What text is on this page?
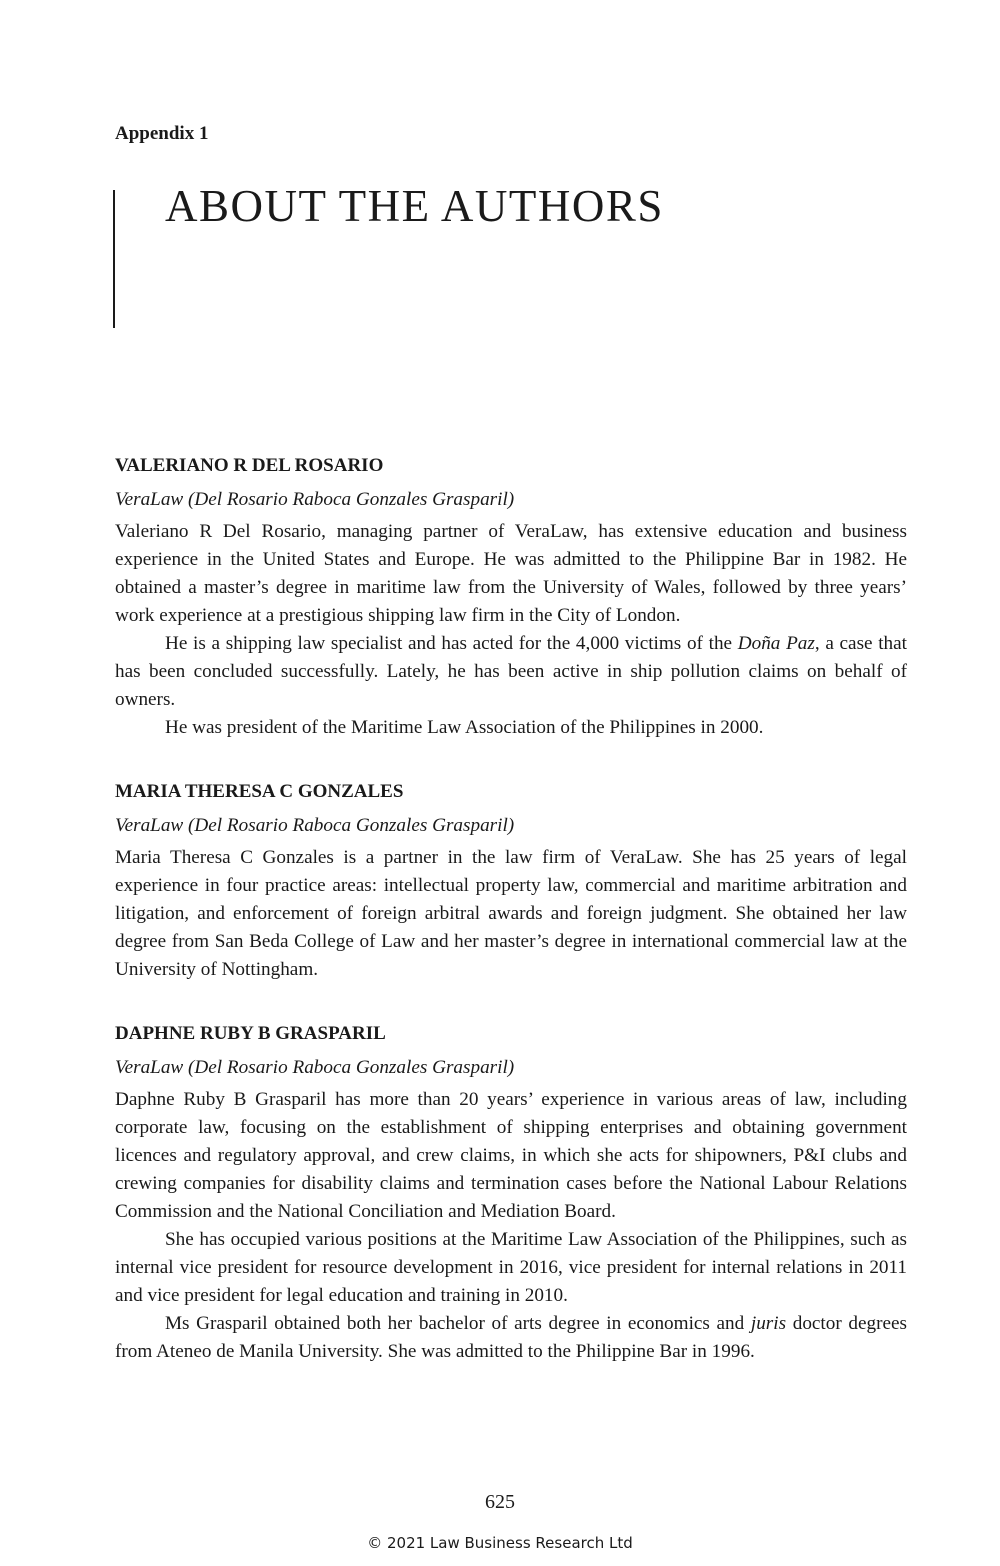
Appendix 1
ABOUT THE AUTHORS
VALERIANO R DEL ROSARIO
VeraLaw (Del Rosario Raboca Gonzales Grasparil)

Valeriano R Del Rosario, managing partner of VeraLaw, has extensive education and business experience in the United States and Europe. He was admitted to the Philippine Bar in 1982. He obtained a master’s degree in maritime law from the University of Wales, followed by three years’ work experience at a prestigious shipping law firm in the City of London.

He is a shipping law specialist and has acted for the 4,000 victims of the Doña Paz, a case that has been concluded successfully. Lately, he has been active in ship pollution claims on behalf of owners.

He was president of the Maritime Law Association of the Philippines in 2000.

MARIA THERESA C GONZALES
VeraLaw (Del Rosario Raboca Gonzales Grasparil)

Maria Theresa C Gonzales is a partner in the law firm of VeraLaw. She has 25 years of legal experience in four practice areas: intellectual property law, commercial and maritime arbitration and litigation, and enforcement of foreign arbitral awards and foreign judgment. She obtained her law degree from San Beda College of Law and her master’s degree in international commercial law at the University of Nottingham.

DAPHNE RUBY B GRASPARIL
VeraLaw (Del Rosario Raboca Gonzales Grasparil)

Daphne Ruby B Grasparil has more than 20 years’ experience in various areas of law, including corporate law, focusing on the establishment of shipping enterprises and obtaining government licences and regulatory approval, and crew claims, in which she acts for shipowners, P&I clubs and crewing companies for disability claims and termination cases before the National Labour Relations Commission and the National Conciliation and Mediation Board.

She has occupied various positions at the Maritime Law Association of the Philippines, such as internal vice president for resource development in 2016, vice president for internal relations in 2011 and vice president for legal education and training in 2010.

Ms Grasparil obtained both her bachelor of arts degree in economics and juris doctor degrees from Ateneo de Manila University. She was admitted to the Philippine Bar in 1996.

625
© 2021 Law Business Research Ltd
